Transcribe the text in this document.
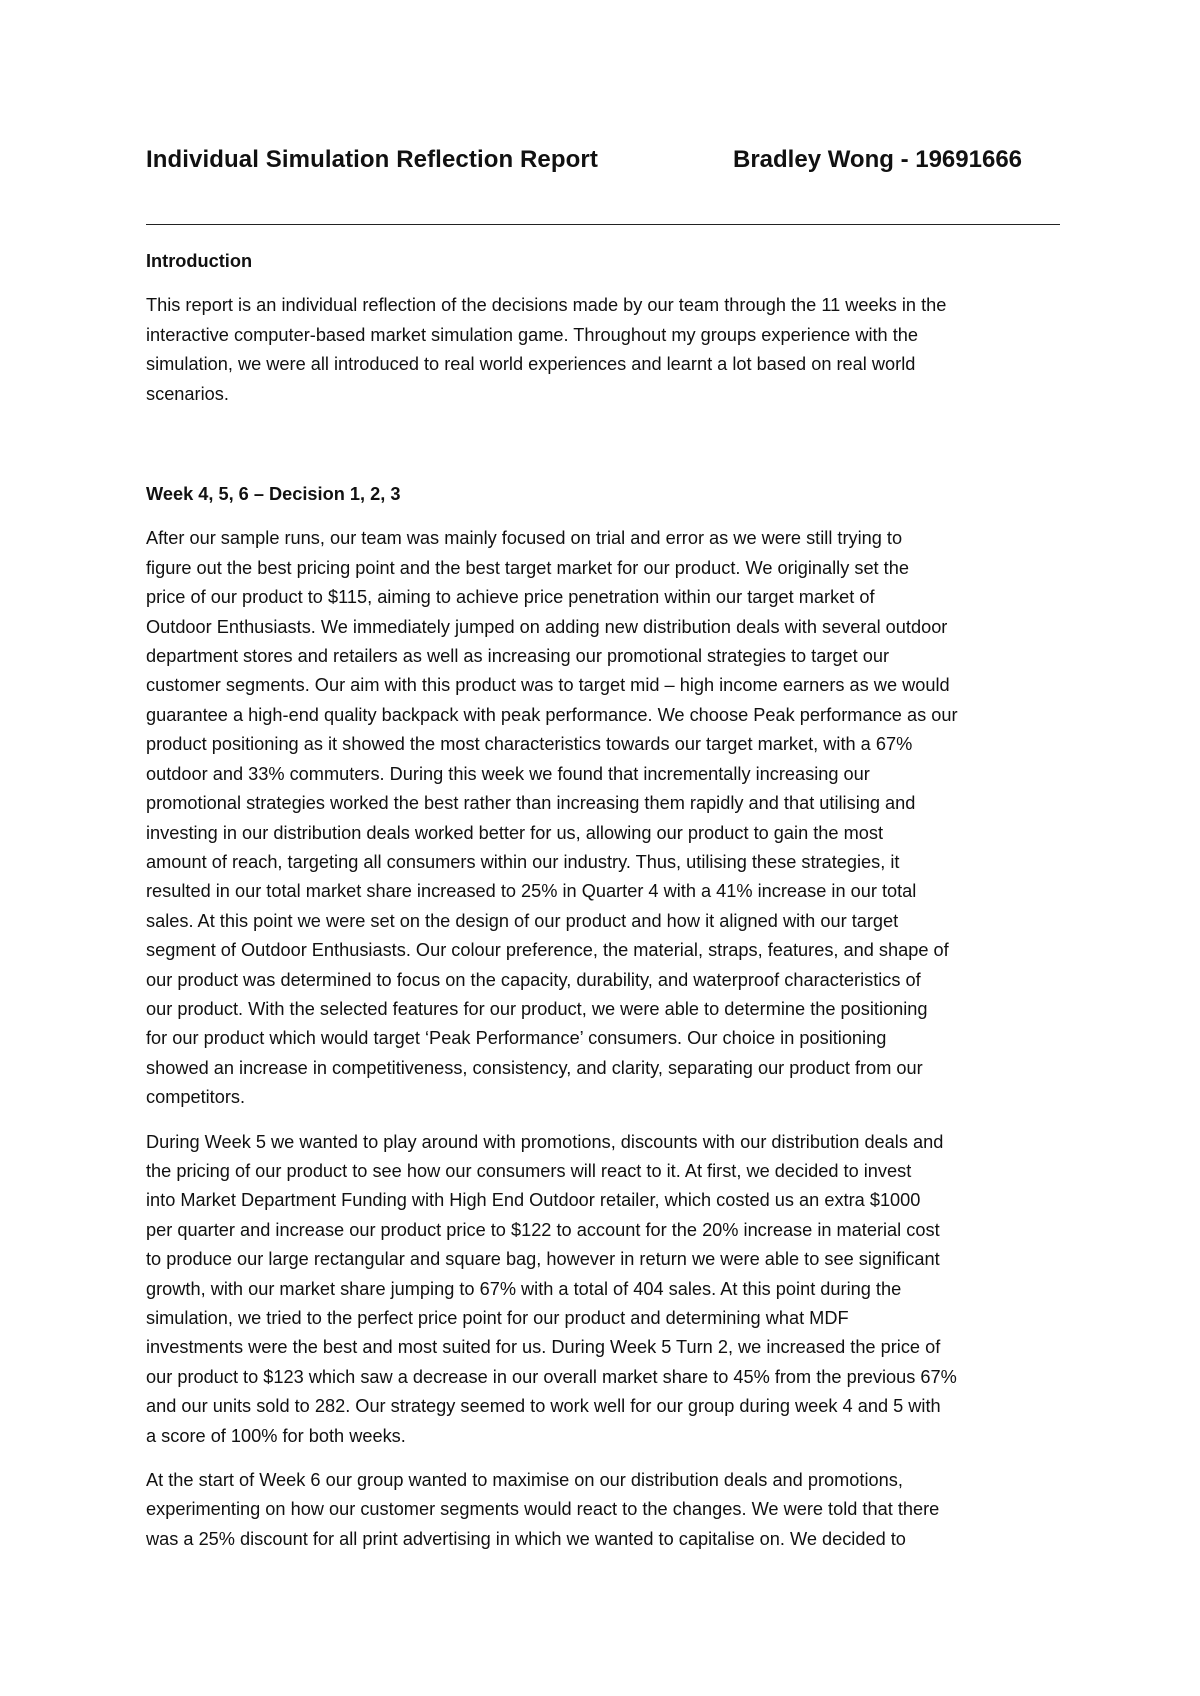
Individual Simulation Reflection Report	Bradley Wong - 19691666
Introduction
This report is an individual reflection of the decisions made by our team through the 11 weeks in the
interactive computer-based market simulation game. Throughout my groups experience with the
simulation, we were all introduced to real world experiences and learnt a lot based on real world
scenarios.
Week 4, 5, 6 – Decision 1, 2, 3
After our sample runs, our team was mainly focused on trial and error as we were still trying to
figure out the best pricing point and the best target market for our product. We originally set the
price of our product to $115, aiming to achieve price penetration within our target market of
Outdoor Enthusiasts. We immediately jumped on adding new distribution deals with several outdoor
department stores and retailers as well as increasing our promotional strategies to target our
customer segments. Our aim with this product was to target mid – high income earners as we would
guarantee a high-end quality backpack with peak performance. We choose Peak performance as our
product positioning as it showed the most characteristics towards our target market, with a 67%
outdoor and 33% commuters. During this week we found that incrementally increasing our
promotional strategies worked the best rather than increasing them rapidly and that utilising and
investing in our distribution deals worked better for us, allowing our product to gain the most
amount of reach, targeting all consumers within our industry. Thus, utilising these strategies, it
resulted in our total market share increased to 25% in Quarter 4 with a 41% increase in our total
sales. At this point we were set on the design of our product and how it aligned with our target
segment of Outdoor Enthusiasts. Our colour preference, the material, straps, features, and shape of
our product was determined to focus on the capacity, durability, and waterproof characteristics of
our product. With the selected features for our product, we were able to determine the positioning
for our product which would target ‘Peak Performance’ consumers. Our choice in positioning
showed an increase in competitiveness, consistency, and clarity, separating our product from our
competitors.
During Week 5 we wanted to play around with promotions, discounts with our distribution deals and
the pricing of our product to see how our consumers will react to it. At first, we decided to invest
into Market Department Funding with High End Outdoor retailer, which costed us an extra $1000
per quarter and increase our product price to $122 to account for the 20% increase in material cost
to produce our large rectangular and square bag, however in return we were able to see significant
growth, with our market share jumping to 67% with a total of 404 sales. At this point during the
simulation, we tried to the perfect price point for our product and determining what MDF
investments were the best and most suited for us. During Week 5 Turn 2, we increased the price of
our product to $123 which saw a decrease in our overall market share to 45% from the previous 67%
and our units sold to 282. Our strategy seemed to work well for our group during week 4 and 5 with
a score of 100% for both weeks.
At the start of Week 6 our group wanted to maximise on our distribution deals and promotions,
experimenting on how our customer segments would react to the changes. We were told that there
was a 25% discount for all print advertising in which we wanted to capitalise on. We decided to
